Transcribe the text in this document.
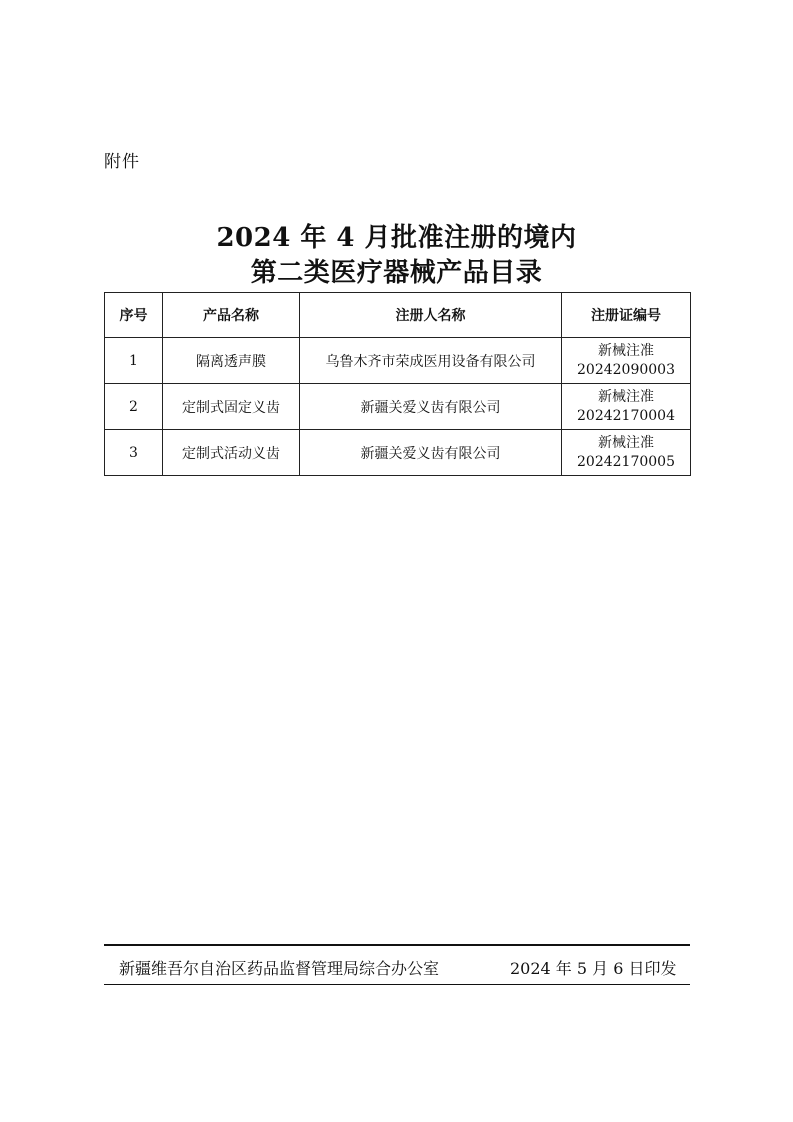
附件
2024 年 4 月批准注册的境内
第二类医疗器械产品目录
序号	产品名称	注册人名称	注册证编号
1	隔离透声膜	乌鲁木齐市荣成医用设备有限公司	新械注准
20242090003

2	定制式固定义齿	新疆关爱义齿有限公司	新械注准
20242170004

3	定制式活动义齿	新疆关爱义齿有限公司	新械注准
20242170005
新疆维吾尔自治区药品监督管理局综合办公室	2024 年 5 月 6 日印发
